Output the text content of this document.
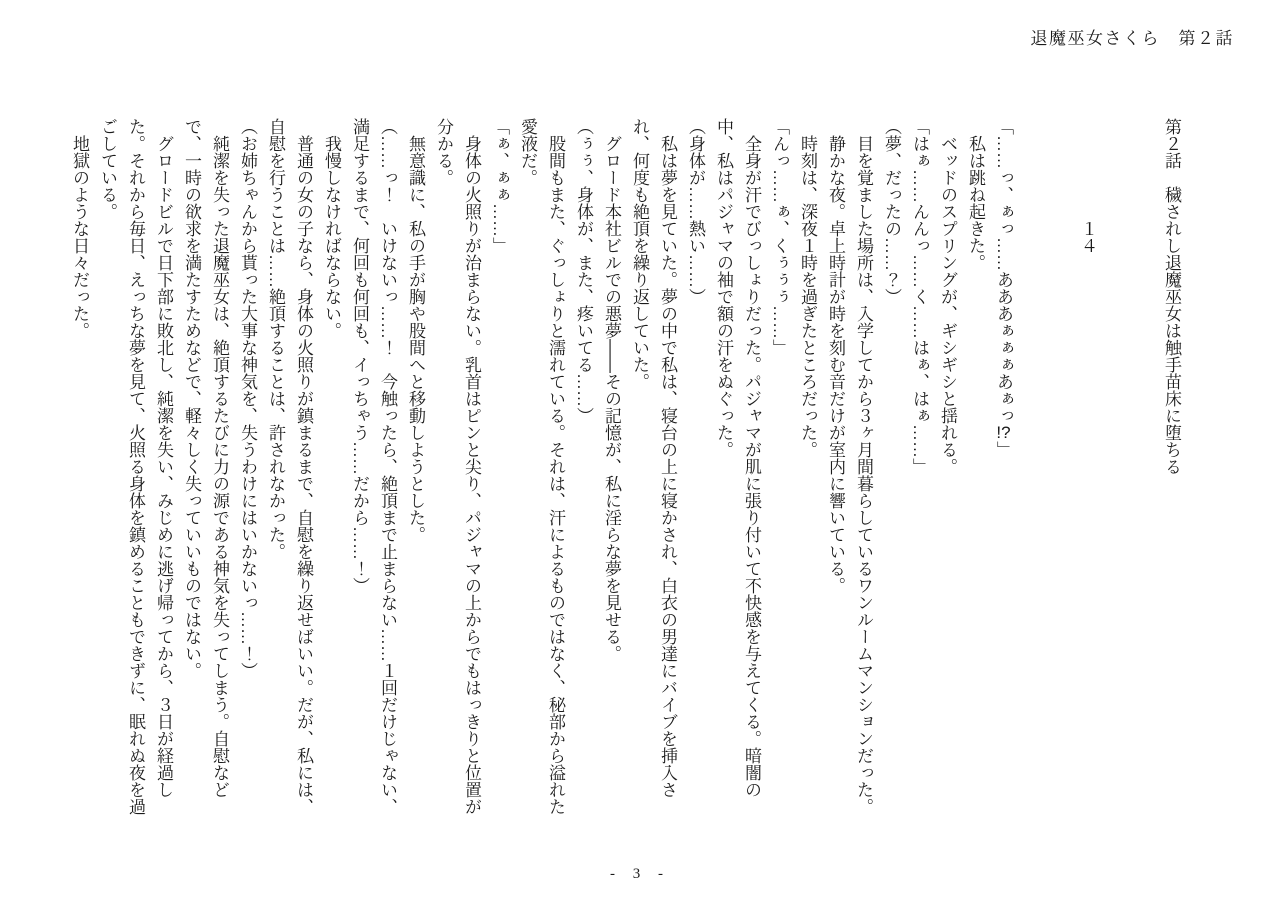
退魔巫女さくら　第２話

第２話　穢されし退魔巫女は触手苗床に堕ちる

１４

「……っ、ぁっ……あああぁぁぁあぁっ!?」

私は跳ね起きた。

ベッドのスプリングが、ギシギシと揺れる。

「はぁ……んんっ……く……はぁ、はぁ……」

（夢、だったの……？）

目を覚ました場所は、入学してから３ヶ月間暮らしているワンルームマンションだった。

静かな夜。卓上時計が時を刻む音だけが室内に響いている。

時刻は、深夜１時を過ぎたところだった。

「んっ……ぁ、くぅぅぅ……」

全身が汗でびっしょりだった。パジャマが肌に張り付いて不快感を与えてくる。暗闇の中、私はパジャマの袖で額の汗をぬぐった。

（身体が……熱い……）

私は夢を見ていた。夢の中で私は、寝台の上に寝かされ、白衣の男達にバイブを挿入され、何度も絶頂を繰り返していた。

グロード本社ビルでの悪夢――その記憶が、私に淫らな夢を見せる。

（ぅぅ、身体が、また、疼いてる……）

股間もまた、ぐっしょりと濡れている。それは、汗によるものではなく、秘部から溢れた愛液だ。

「ぁ、ぁぁ……」

身体の火照りが治まらない。乳首はピンと尖り、パジャマの上からでもはっきりと位置が分かる。

無意識に、私の手が胸や股間へと移動しようとした。

（……っ！　いけないっ……！　今触ったら、絶頂まで止まらない……１回だけじゃない、満足するまで、何回も何回も、イっちゃう……だから……！）

我慢しなければならない。

普通の女の子なら、身体の火照りが鎮まるまで、自慰を繰り返せばいい。だが、私には、自慰を行うことは……絶頂することは、許されなかった。

（お姉ちゃんから貰った大事な神気を、失うわけにはいかないっ……！）

純潔を失った退魔巫女は、絶頂するたびに力の源である神気を失ってしまう。自慰などで、一時の欲求を満たすためなどで、軽々しく失っていいものではない。

グロードビルで日下部に敗北し、純潔を失い、みじめに逃げ帰ってから、３日が経過した。それから毎日、えっちな夢を見て、火照る身体を鎮めることもできずに、眠れぬ夜を過ごしている。

地獄のような日々だった。

- 3 -
